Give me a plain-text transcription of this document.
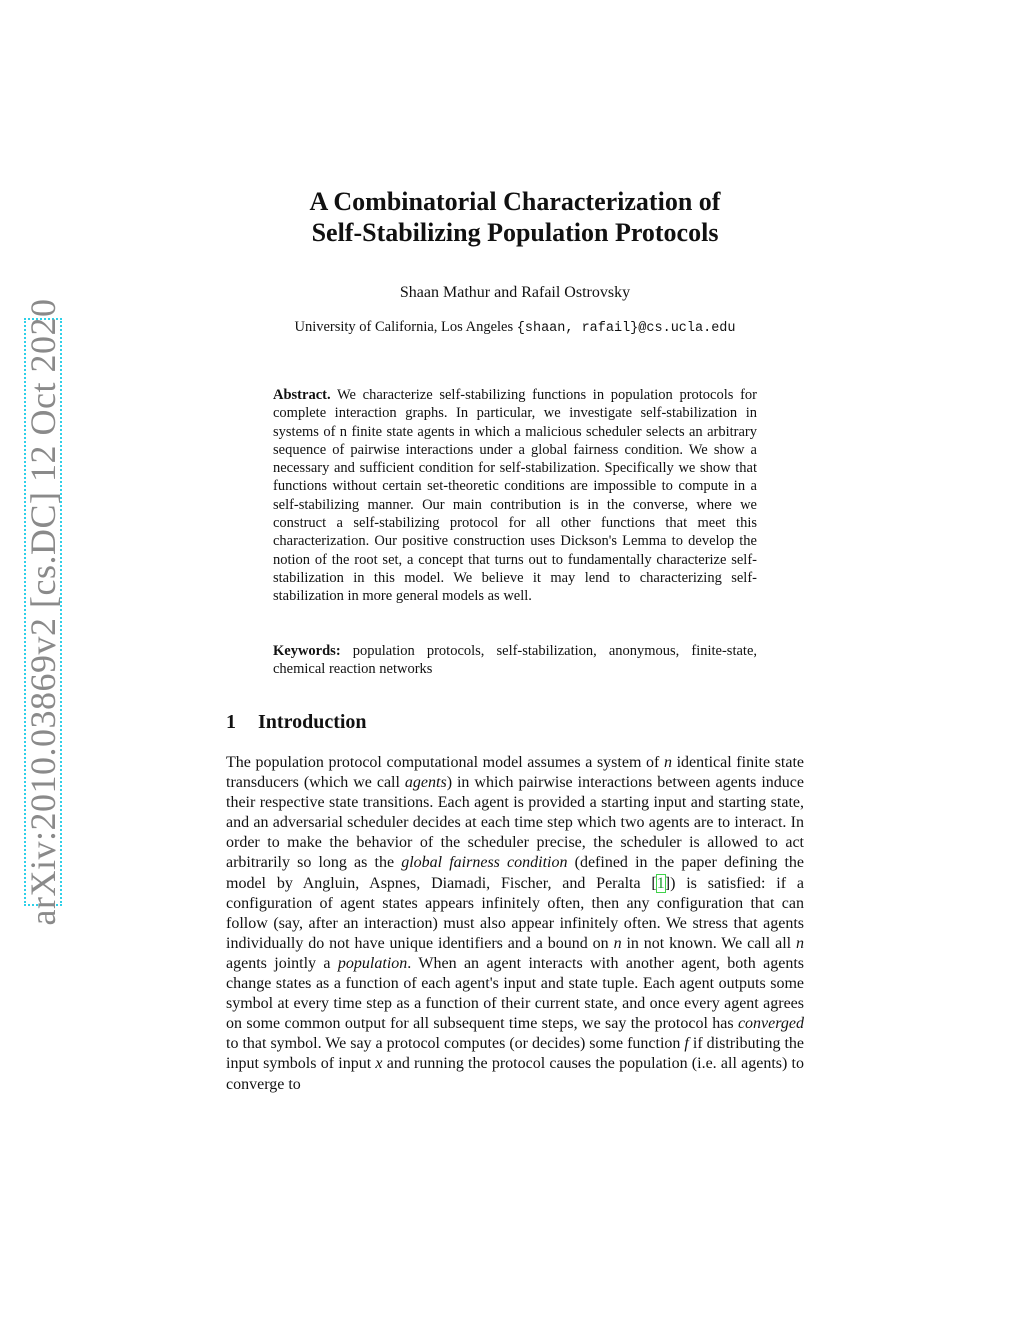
arXiv:2010.03869v2 [cs.DC] 12 Oct 2020
A Combinatorial Characterization of
Self-Stabilizing Population Protocols
Shaan Mathur and Rafail Ostrovsky
University of California, Los Angeles {shaan, rafail}@cs.ucla.edu
Abstract. We characterize self-stabilizing functions in population protocols for complete interaction graphs. In particular, we investigate self-stabilization in systems of n finite state agents in which a malicious scheduler selects an arbitrary sequence of pairwise interactions under a global fairness condition. We show a necessary and sufficient condition for self-stabilization. Specifically we show that functions without certain set-theoretic conditions are impossible to compute in a self-stabilizing manner. Our main contribution is in the converse, where we construct a self-stabilizing protocol for all other functions that meet this characterization. Our positive construction uses Dickson's Lemma to develop the notion of the root set, a concept that turns out to fundamentally characterize self-stabilization in this model. We believe it may lend to characterizing self-stabilization in more general models as well.
Keywords: population protocols, self-stabilization, anonymous, finite-state, chemical reaction networks
1 Introduction
The population protocol computational model assumes a system of n identical finite state transducers (which we call agents) in which pairwise interactions between agents induce their respective state transitions. Each agent is provided a starting input and starting state, and an adversarial scheduler decides at each time step which two agents are to interact. In order to make the behavior of the scheduler precise, the scheduler is allowed to act arbitrarily so long as the global fairness condition (defined in the paper defining the model by Angluin, Aspnes, Diamadi, Fischer, and Peralta [1]) is satisfied: if a configuration of agent states appears infinitely often, then any configuration that can follow (say, after an interaction) must also appear infinitely often. We stress that agents individually do not have unique identifiers and a bound on n in not known. We call all n agents jointly a population. When an agent interacts with another agent, both agents change states as a function of each agent's input and state tuple. Each agent outputs some symbol at every time step as a function of their current state, and once every agent agrees on some common output for all subsequent time steps, we say the protocol has converged to that symbol. We say a protocol computes (or decides) some function f if distributing the input symbols of input x and running the protocol causes the population (i.e. all agents) to converge to
